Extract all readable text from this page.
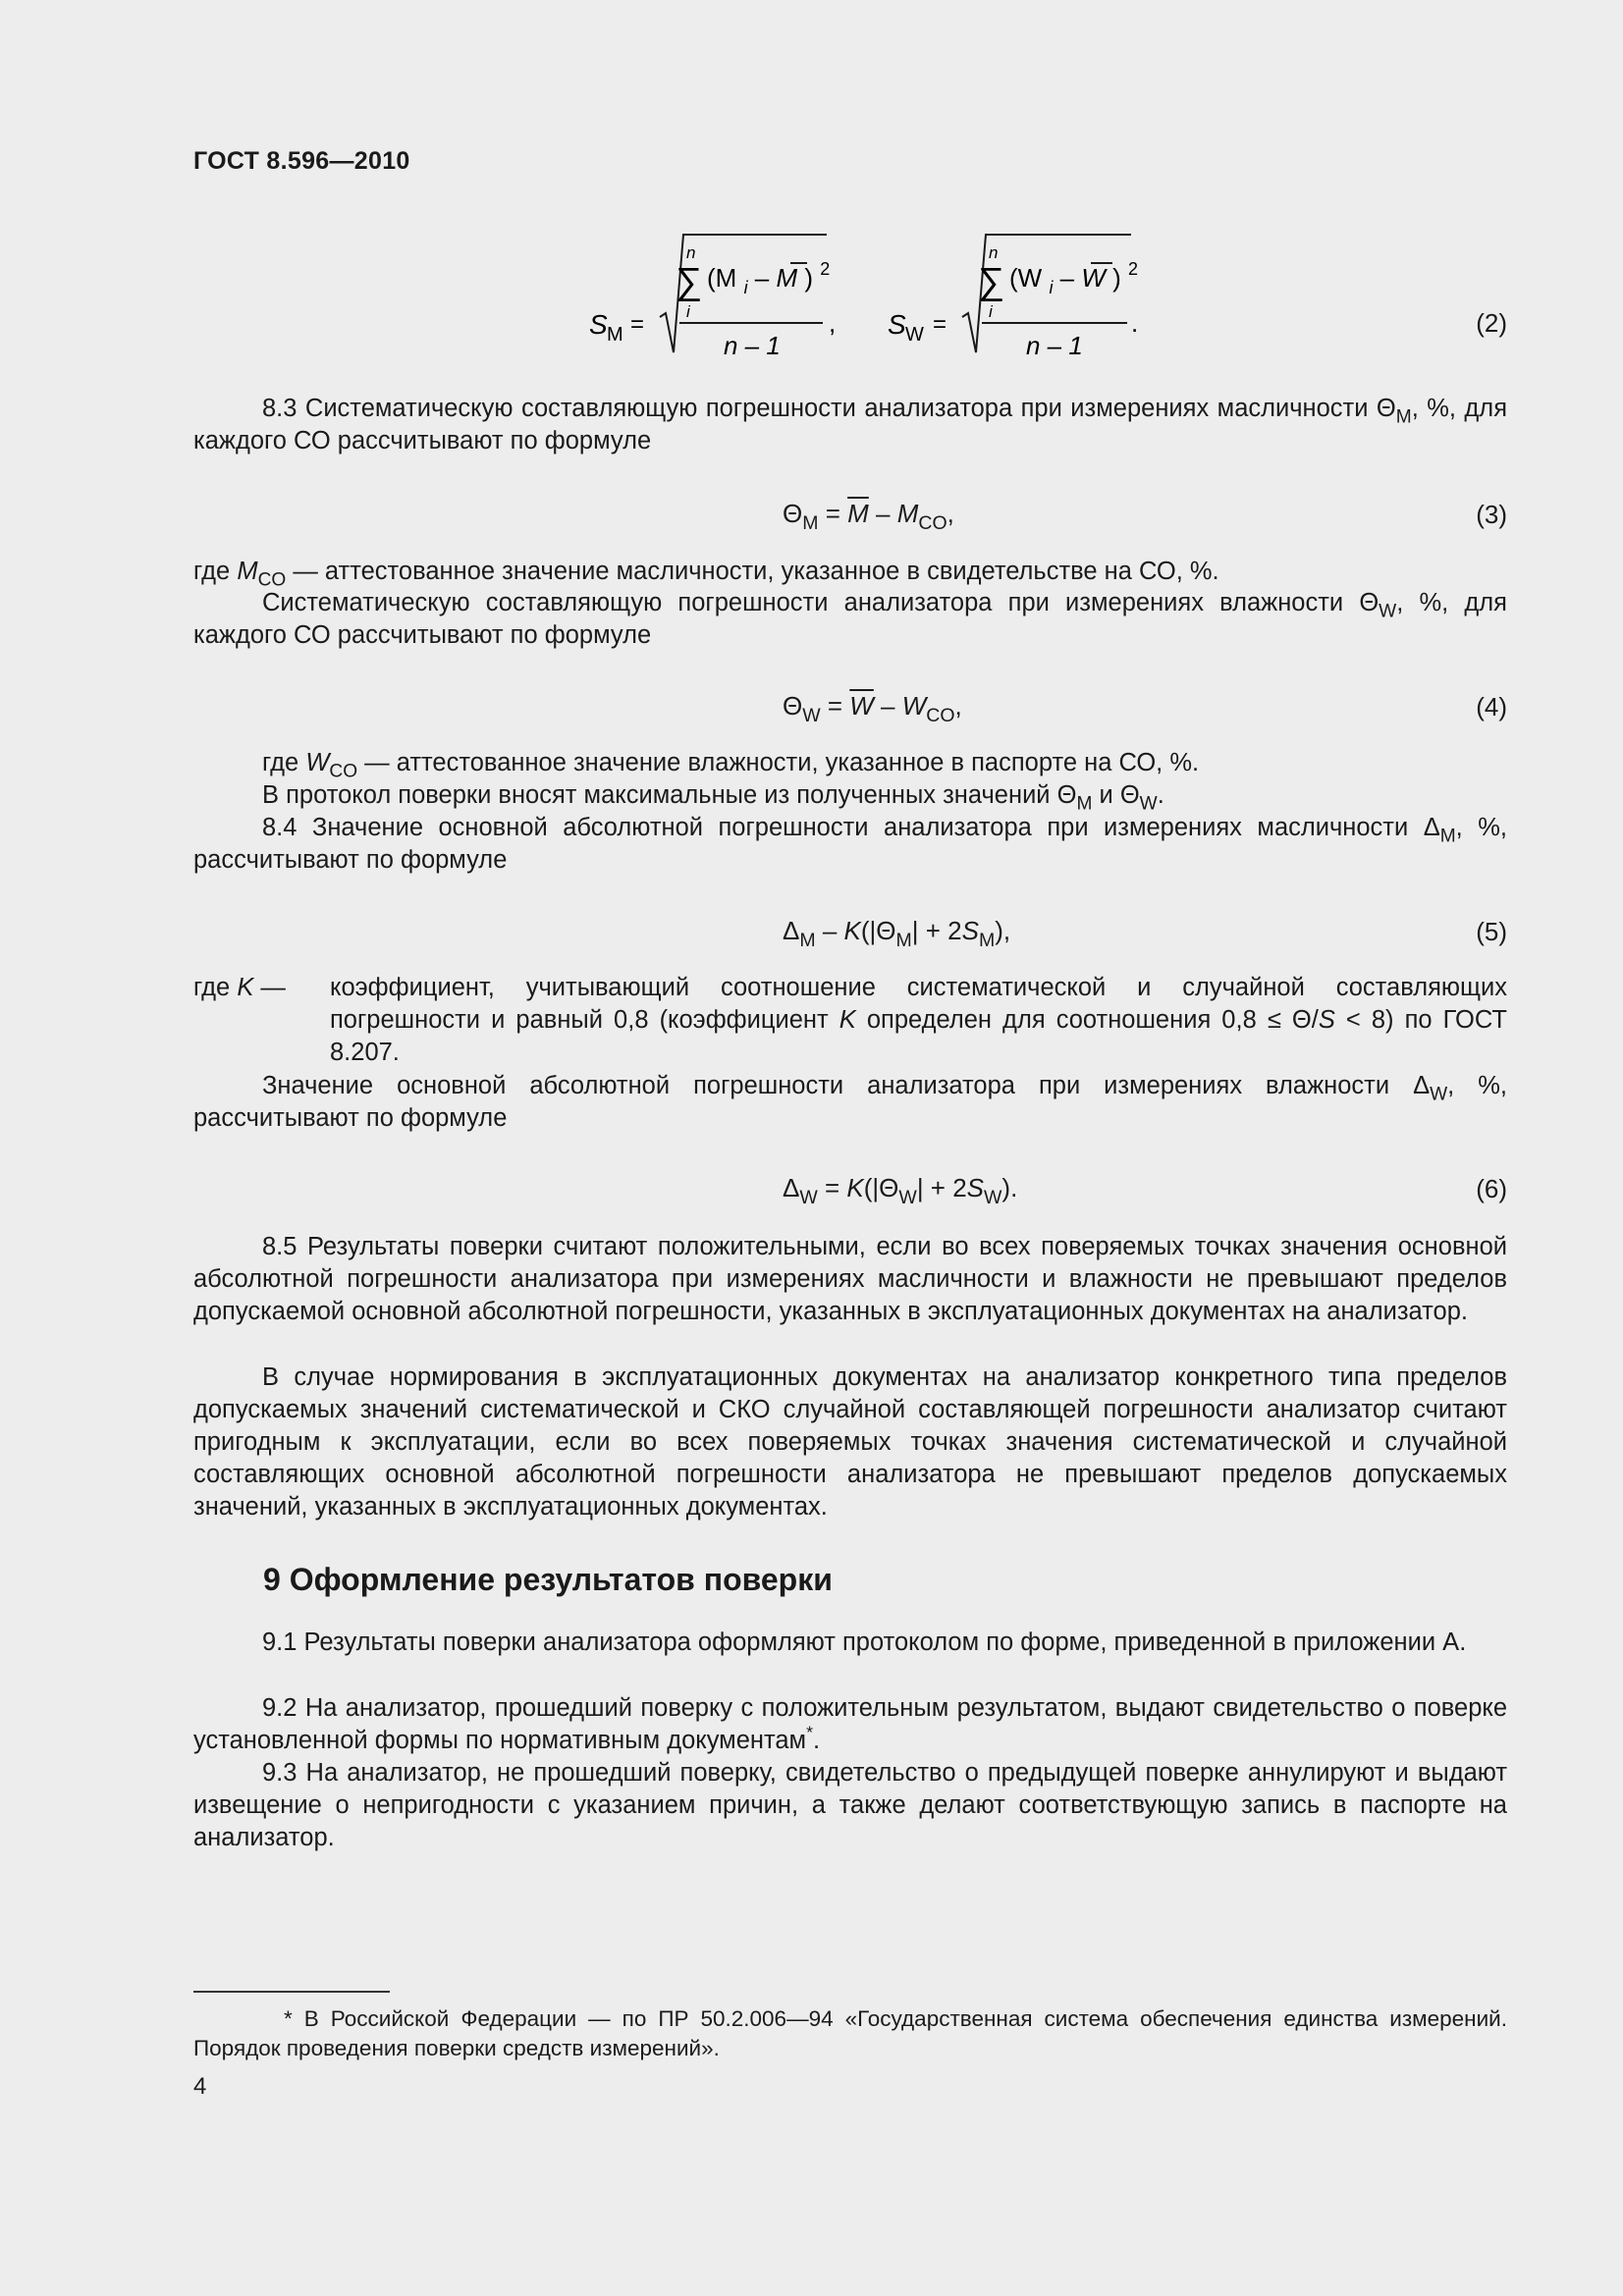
ГОСТ 8.596—2010
S M =
n
∑
i
(M $_i$ – M ) $^2$
n – 1
, S W =
n
∑
i
(W $_i$ – W ) $^2$
n – 1
.	(2)
8.3 Систематическую составляющую погрешности анализатора при измерениях масличности $\Theta_M$, %, для каждого СО рассчитывают по формуле
$\Theta_M = \overline{M} - M_{CO}$,	(3)
где $M_{CO}$ — аттестованное значение масличности, указанное в свидетельстве на СО, %.
Систематическую составляющую погрешности анализатора при измерениях влажности $\Theta_W$, %, для каждого СО рассчитывают по формуле
$\Theta_W = \overline{W} - W_{CO}$,	(4)
где $W_{CO}$ — аттестованное значение влажности, указанное в паспорте на СО, %.
В протокол поверки вносят максимальные из полученных значений $\Theta_M$ и $\Theta_W$.
8.4 Значение основной абсолютной погрешности анализатора при измерениях масличности $\Delta_M$, %, рассчитывают по формуле
$\Delta_M - K(|\Theta_M| + 2S_M)$,	(5)
где K — коэффициент, учитывающий соотношение систематической и случайной составляющих погрешности и равный 0,8 (коэффициент K определен для соотношения 0,8 ≤ Θ/S < 8) по ГОСТ 8.207.
Значение основной абсолютной погрешности анализатора при измерениях влажности $\Delta_W$, %, рассчитывают по формуле
$\Delta_W = K(|\Theta_W| + 2S_W)$.	(6)
8.5 Результаты поверки считают положительными, если во всех поверяемых точках значения основной абсолютной погрешности анализатора при измерениях масличности и влажности не превышают пределов допускаемой основной абсолютной погрешности, указанных в эксплуатационных документах на анализатор.
В случае нормирования в эксплуатационных документах на анализатор конкретного типа пределов допускаемых значений систематической и СКО случайной составляющей погрешности анализатор считают пригодным к эксплуатации, если во всех поверяемых точках значения систематической и случайной составляющих основной абсолютной погрешности анализатора не превышают пределов допускаемых значений, указанных в эксплуатационных документах.
9 Оформление результатов поверки
9.1 Результаты поверки анализатора оформляют протоколом по форме, приведенной в приложении А.
9.2 На анализатор, прошедший поверку с положительным результатом, выдают свидетельство о поверке установленной формы по нормативным документам*.
9.3 На анализатор, не прошедший поверку, свидетельство о предыдущей поверке аннулируют и выдают извещение о непригодности с указанием причин, а также делают соответствующую запись в паспорте на анализатор.
* В Российской Федерации — по ПР 50.2.006—94 «Государственная система обеспечения единства измерений. Порядок проведения поверки средств измерений».
4
